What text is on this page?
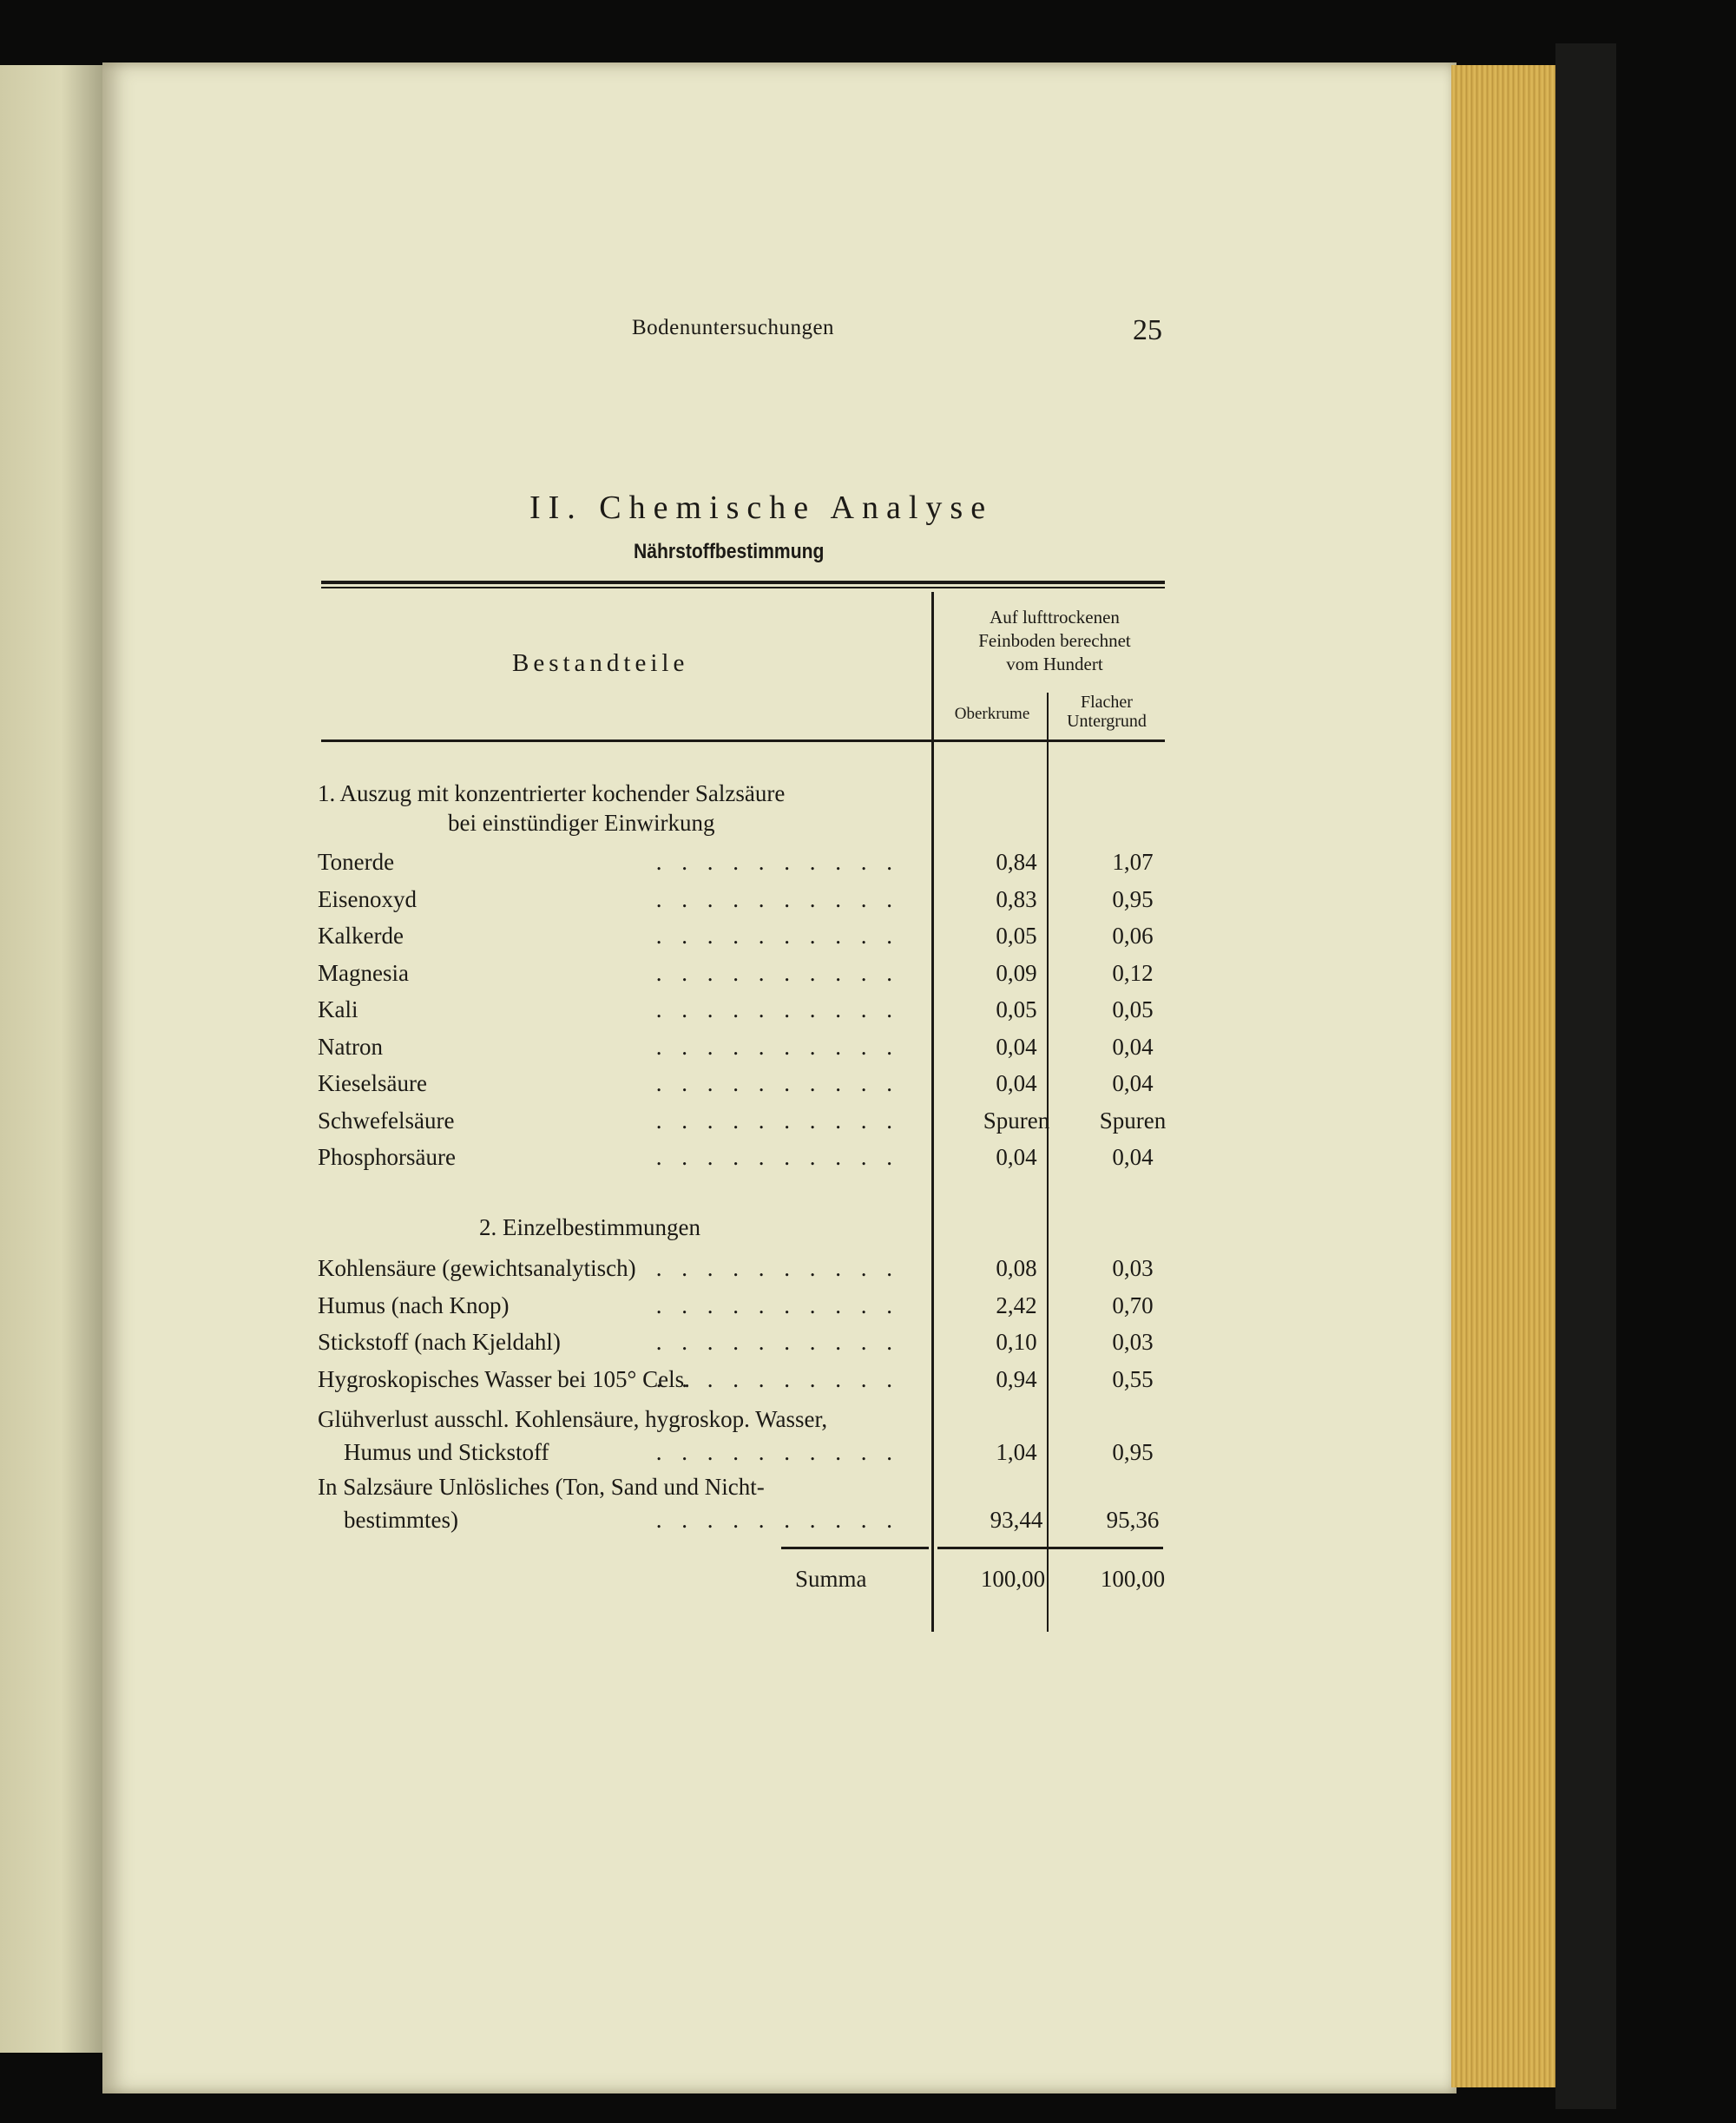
Bodenuntersuchungen	25
II. Chemische Analyse
Nährstoffbestimmung
Bestandteile
Auf lufttrockenen
Feinboden berechnet
vom Hundert
Oberkrume
Flacher
Untergrund
1. Auszug mit konzentrierter kochender Salzsäure
bei einstündiger Einwirkung
Tonerde	. . . . . . . . . .	0,84	1,07
Eisenoxyd	. . . . . . . . . .	0,83	0,95
Kalkerde	. . . . . . . . . .	0,05	0,06
Magnesia	. . . . . . . . . .	0,09	0,12
Kali	. . . . . . . . . .	0,05	0,05
Natron	. . . . . . . . . .	0,04	0,04
Kieselsäure	. . . . . . . . . .	0,04	0,04
Schwefelsäure	. . . . . . . . . .	Spuren	Spuren
Phosphorsäure	. . . . . . . . . .	0,04	0,04
2. Einzelbestimmungen
Kohlensäure (gewichtsanalytisch) . . . . . . . . . .	0,08	0,03
Humus (nach Knop)	. . . . . . . . . .	2,42	0,70
Stickstoff (nach Kjeldahl)	. . . . . . . . . .	0,10	0,03
Hygroskopisches Wasser bei 105° Cels.
. . . . . . . . . .	0,94	0,55
Glühverlust ausschl. Kohlensäure, hygroskop. Wasser,
Humus und Stickstoff	. . . . . . . . . .	1,04	0,95
In Salzsäure Unlösliches (Ton, Sand und Nicht-
bestimmtes)	. . . . . . . . . .	93,44	95,36
Summa	100,00	100,00
